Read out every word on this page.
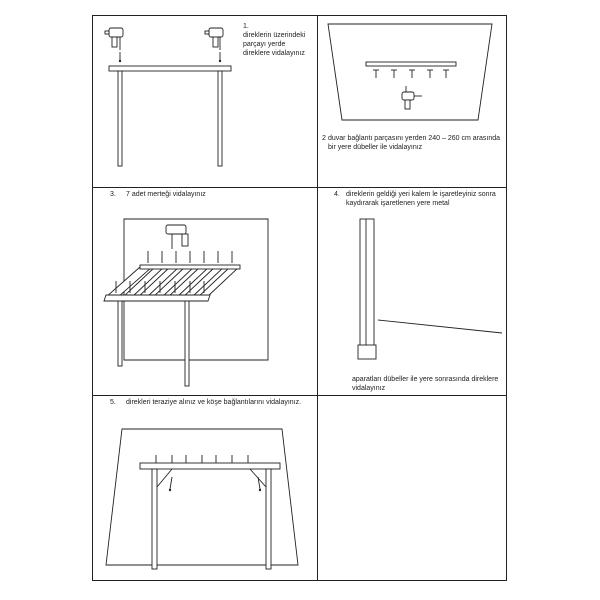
1.
direklerin üzerindeki parçayı yerde direklere vidalayınız
2 duvar bağlantı parçasını yerden 240 – 260 cm arasında bir yere dübeller ile vidalayınız
3. 7 adet merteği vidalayınız	4. direklerin geldiği yeri kalem le işaretleyiniz sonra kaydırarak işaretlenen yere metal
aparatları dübeller ile yere sonrasında direklere vidalayınız
5. direkleri teraziye alınız ve köşe bağlantılarını vidalayınız.
